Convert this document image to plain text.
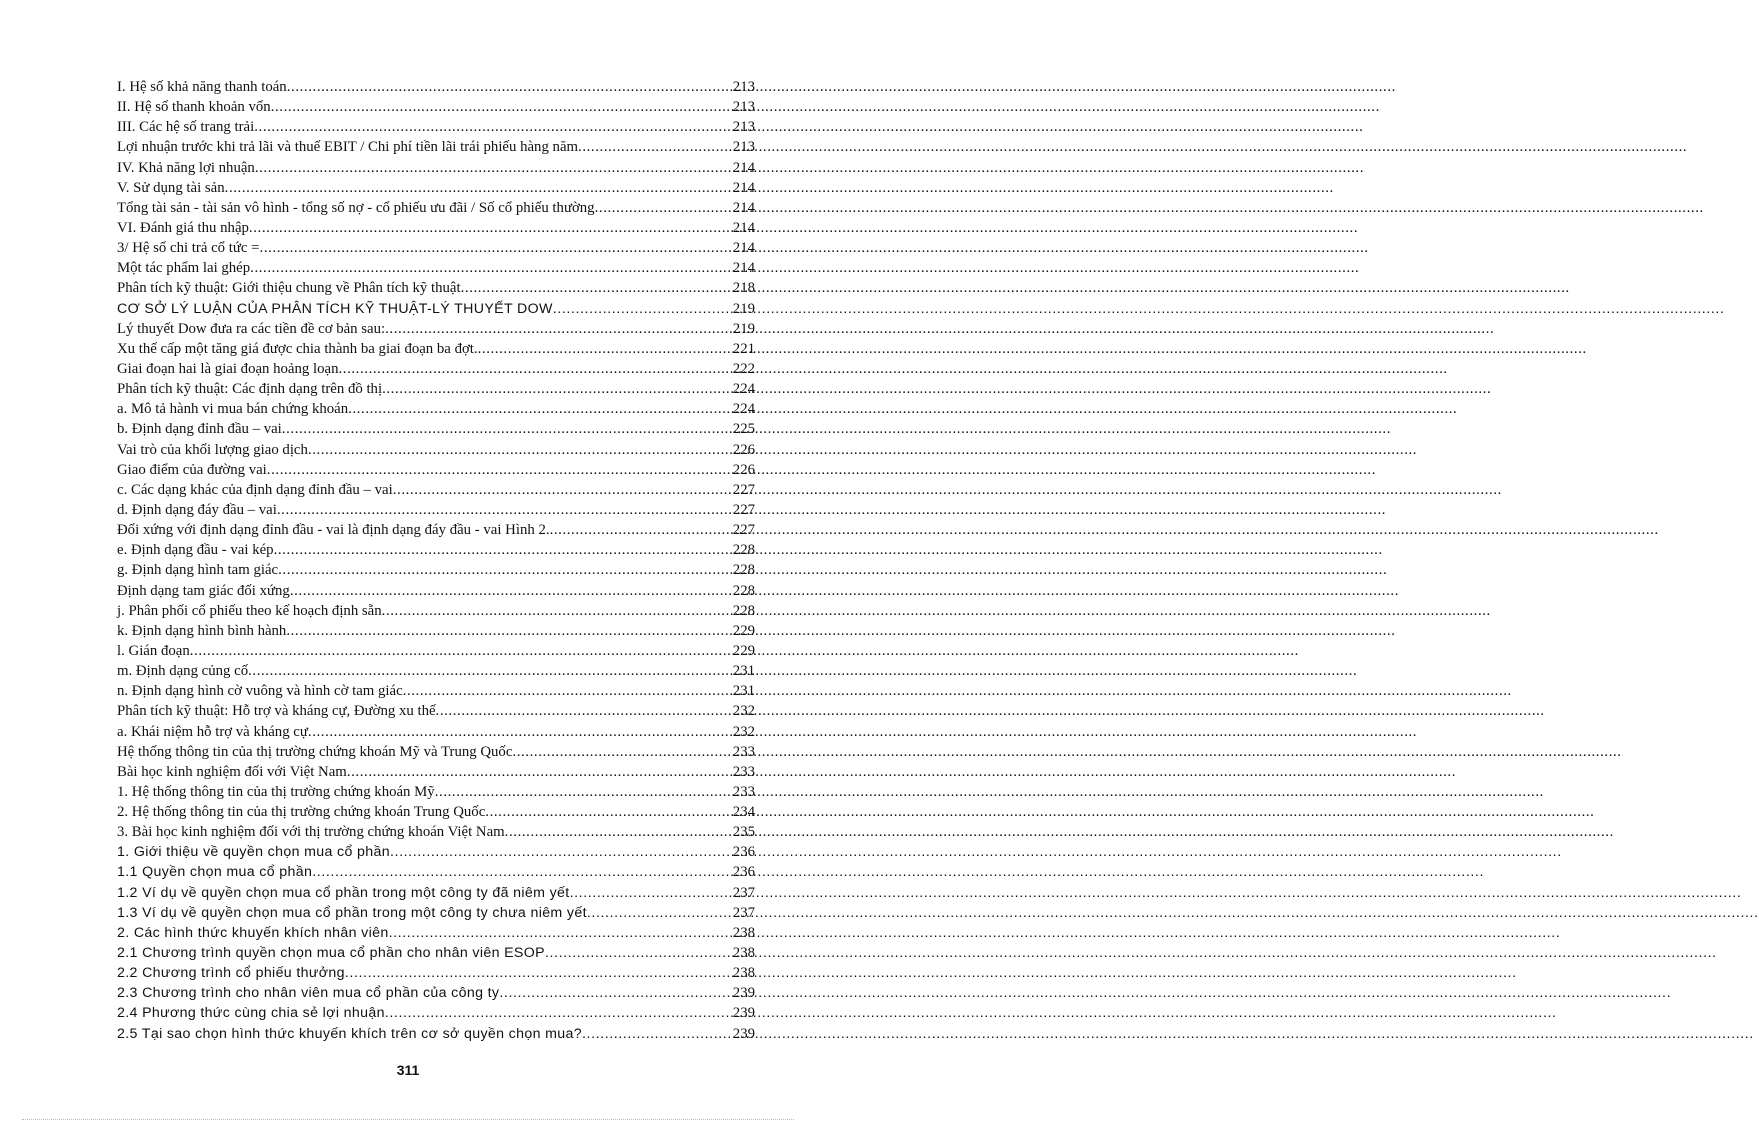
I. Hệ số khả năng thanh toán .....	213
II. Hệ số thanh khoản vốn .....	213
III. Các hệ số trang trải .....	213
Lợi nhuận trước khi trả lãi và thuế EBIT / Chi phí tiền lãi trái phiếu hàng năm .....	213
IV. Khả năng lợi nhuận .....	214
V. Sử dụng tài sản .....	214
Tổng tài sản - tài sản vô hình - tổng số nợ - cổ phiếu ưu đãi / Số cổ phiếu thường .....	214
VI. Đánh giá thu nhập .....	214
3/ Hệ số chi trả cổ tức = .....	214
Một tác phẩm lai ghép .....	214
Phân tích kỹ thuật: Giới thiệu chung về Phân tích kỹ thuật .....	218
CƠ SỞ LÝ LUẬN CỦA PHÂN TÍCH KỸ THUẬT-LÝ THUYẾT DOW .....	219
Lý thuyết Dow đưa ra các tiền đề cơ bản sau: .....	219
Xu thế cấp một tăng giá được chia thành ba giai đoạn ba đợt. .....	221
Giai đoạn hai là giai đoạn hoảng loạn .....	222
Phân tích kỹ thuật: Các định dạng trên đồ thị .....	224
a. Mô tả hành vi mua bán chứng khoán .....	224
b. Định dạng đỉnh đầu – vai .....	225
Vai trò của khối lượng giao dịch .....	226
Giao điểm của đường vai .....	226
c. Các dạng khác của định dạng đỉnh đầu – vai .....	227
d. Định dạng đáy đầu – vai .....	227
Đối xứng với định dạng đỉnh đầu - vai là định dạng đáy đầu - vai Hình 2. .....	227
e. Định dạng đầu - vai kép .....	228
g. Định dạng hình tam giác .....	228
Định dạng tam giác đối xứng .....	228
j. Phân phối cổ phiếu theo kế hoạch định sẵn .....	228
k. Định dạng hình bình hành .....	229
l. Gián đoạn .....	229
m. Định dạng củng cố .....	231
n. Định dạng hình cờ vuông và hình cờ tam giác .....	231
Phân tích kỹ thuật: Hỗ trợ và kháng cự, Đường xu thế .....	232
a. Khái niệm hỗ trợ và kháng cự .....	232
Hệ thống thông tin của thị trường chứng khoán Mỹ và Trung Quốc .....	233
Bài học kinh nghiệm đối với Việt Nam .....	233
1. Hệ thống thông tin của thị trường chứng khoán Mỹ .....	233
2. Hệ thống thông tin của thị trường chứng khoán Trung Quốc .....	234
3. Bài học kinh nghiệm đối với thị trường chứng khoán Việt Nam .....	235
1. Giới thiệu về quyền chọn mua cổ phần .....	236
1.1 Quyền chọn mua cổ phần .....	236
1.2 Ví dụ về quyền chọn mua cổ phần trong một công ty đã niêm yết .....	237
1.3 Ví dụ về quyền chọn mua cổ phần trong một công ty chưa niêm yết .....	237
2. Các hình thức khuyến khích nhân viên .....	238
2.1 Chương trình quyền chọn mua cổ phần cho nhân viên ESOP .....	238
2.2 Chương trình cổ phiếu thưởng .....	238
2.3 Chương trình cho nhân viên mua cổ phần của công ty .....	239
2.4 Phương thức cùng chia sẻ lợi nhuận .....	239
2.5 Tại sao chọn hình thức khuyến khích trên cơ sở quyền chọn mua? .....	239
311
